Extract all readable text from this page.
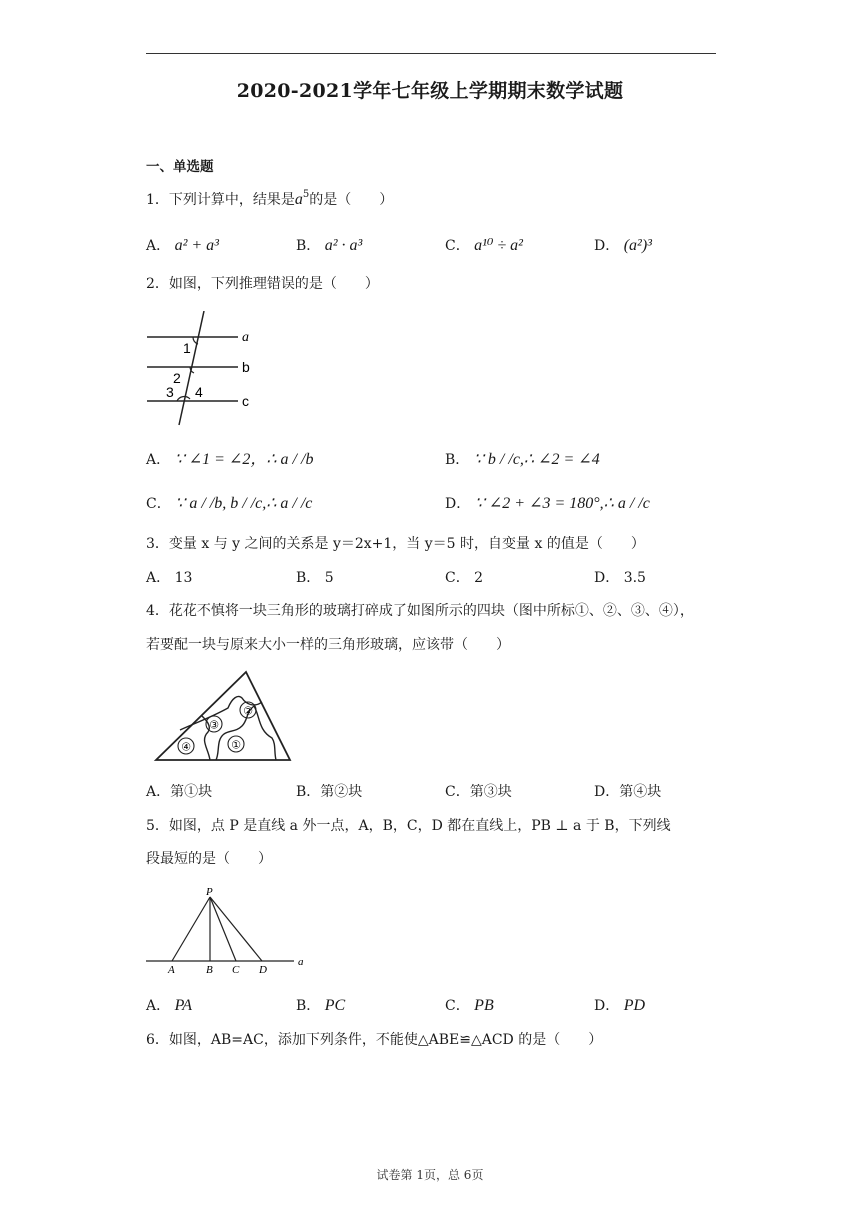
2020-2021学年七年级上学期期末数学试题
一、单选题
1．下列计算中，结果是$a^5$的是（　　）
A． a² + a³	B． a² · a³	C． a¹⁰ ÷ a²	D． (a²)³
2．如图，下列推理错误的是（　　）
a
b
c
1
2
3 4
A． ∵ ∠1 = ∠2，∴ a / /b	B． ∵ b / /c,∴ ∠2 = ∠4
C． ∵ a / /b, b / /c,∴ a / /c	D． ∵ ∠2 + ∠3 = 180°,∴ a / /c
3．变量 x 与 y 之间的关系是 y＝2x+1，当 y＝5 时，自变量 x 的值是（　　）
A． 13	B． 5	C． 2	D． 3.5
4．花花不慎将一块三角形的玻璃打碎成了如图所示的四块（图中所标①、②、③、④），
若要配一块与原来大小一样的三角形玻璃，应该带（　　）
①
②
③
④
A．第①块	B．第②块	C．第③块	D．第④块
5．如图，点 P 是直线 a 外一点，A，B，C，D 都在直线上，PB ⊥ a 于 B，下列线
段最短的是（　　）
P
A	B C D
a
A． PA	B． PC	C． PB	D． PD
6．如图，AB=AC，添加下列条件，不能使△ABE≌△ACD 的是（　　）
试卷第 1页，总 6页
